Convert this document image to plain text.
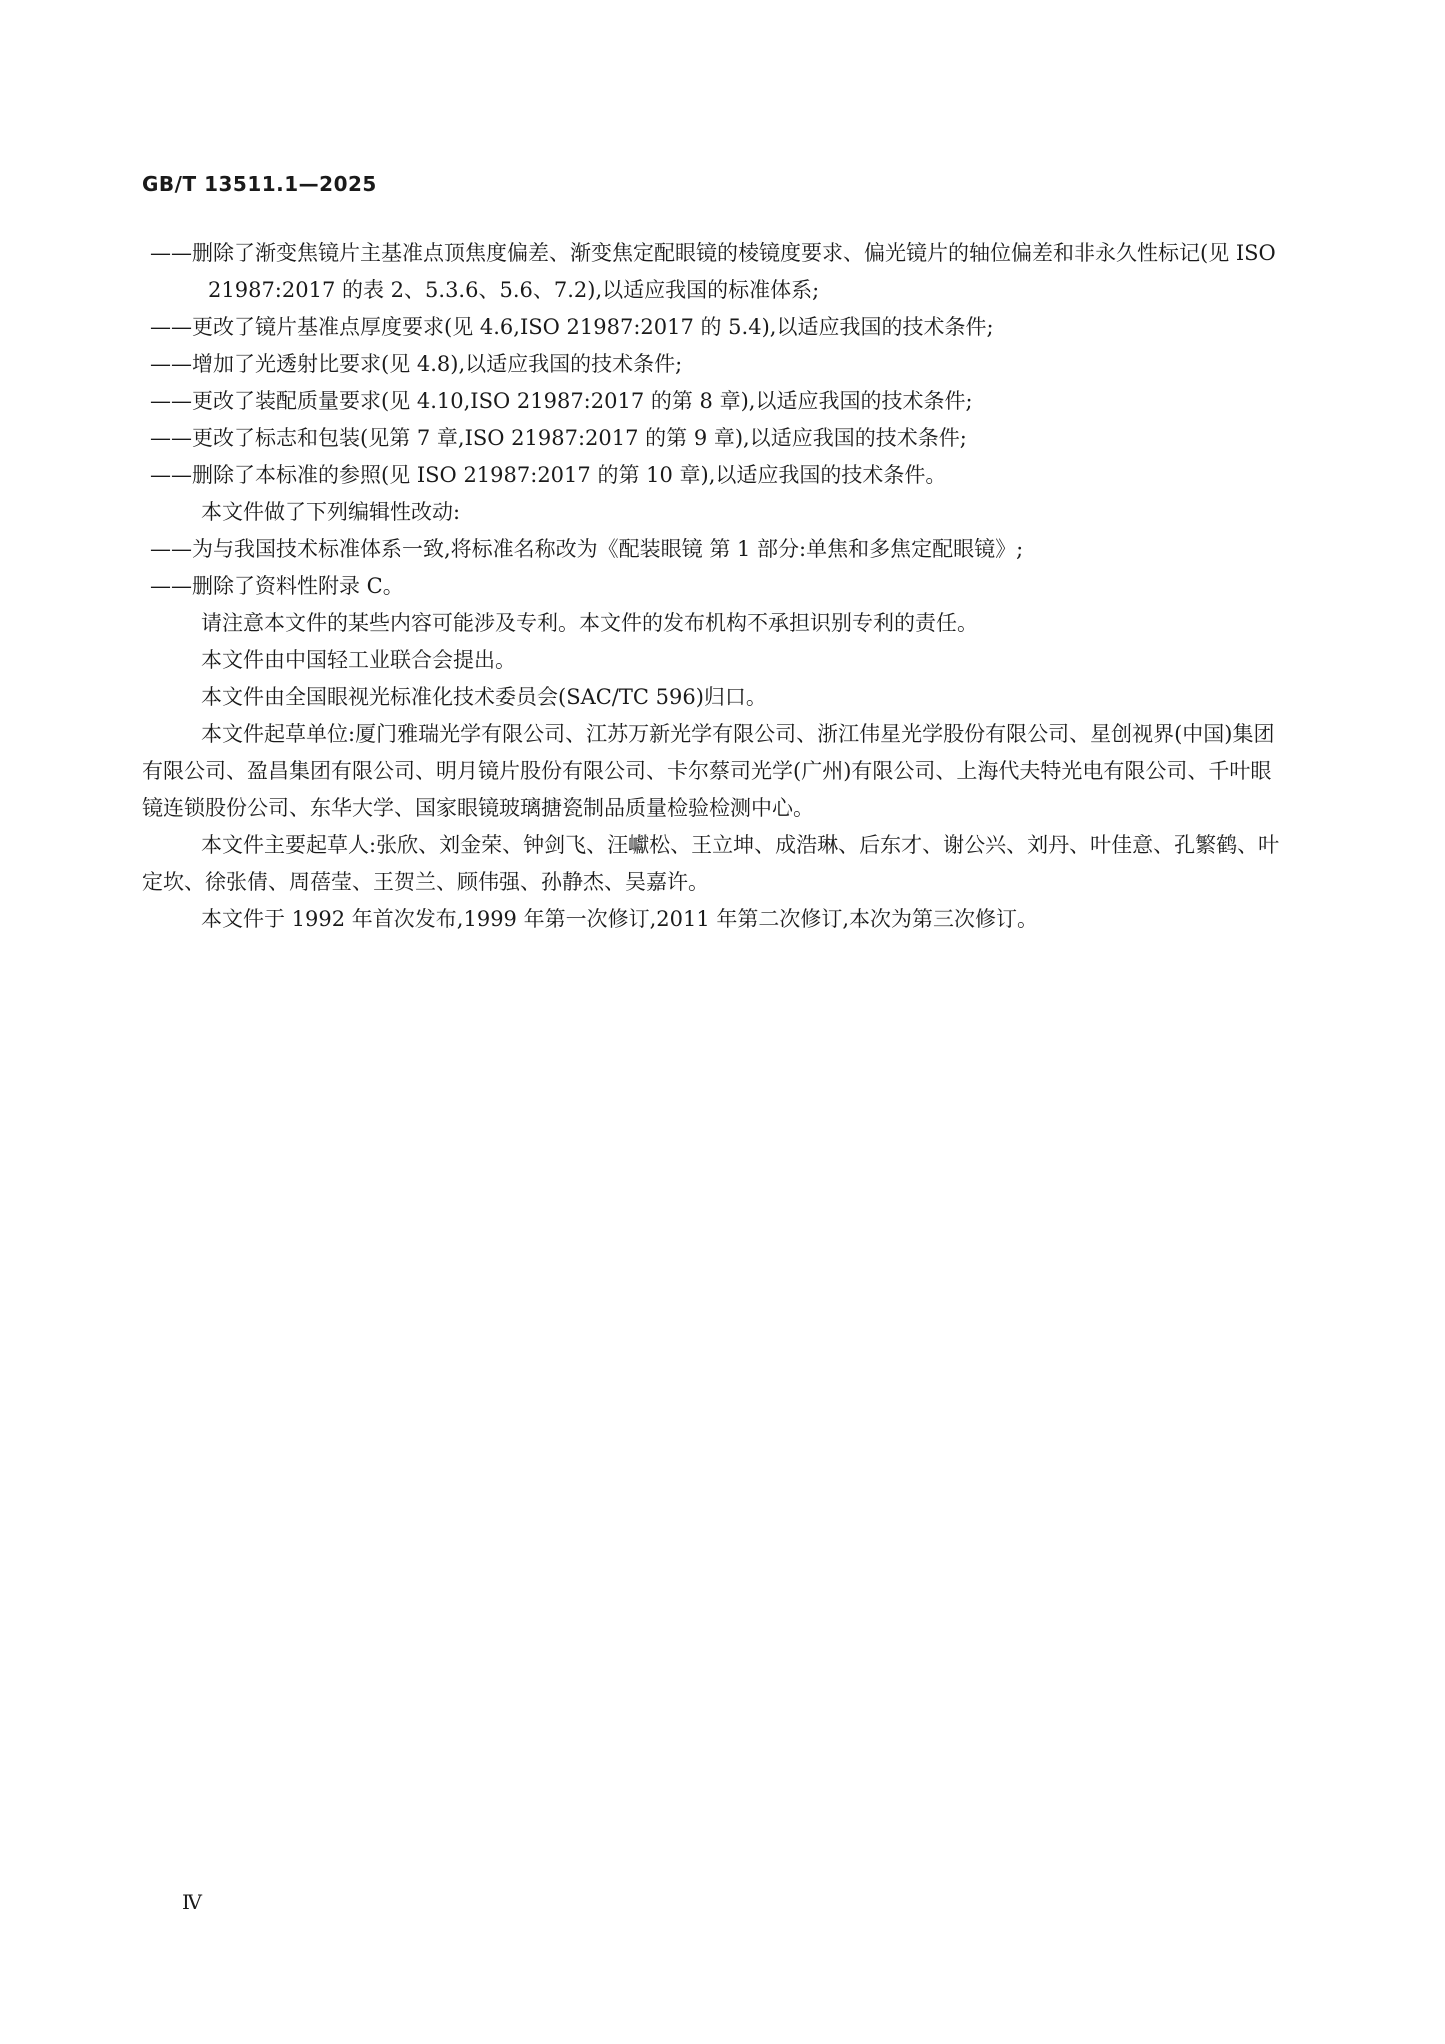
GB/T 13511.1—2025

——删除了渐变焦镜片主基准点顶焦度偏差、渐变焦定配眼镜的棱镜度要求、偏光镜片的轴位偏差和非永久性标记(见 ISO 21987:2017 的表 2、5.3.6、5.6、7.2),以适应我国的标准体系;

——更改了镜片基准点厚度要求(见 4.6,ISO 21987:2017 的 5.4),以适应我国的技术条件;

——增加了光透射比要求(见 4.8),以适应我国的技术条件;

——更改了装配质量要求(见 4.10,ISO 21987:2017 的第 8 章),以适应我国的技术条件;

——更改了标志和包装(见第 7 章,ISO 21987:2017 的第 9 章),以适应我国的技术条件;

——删除了本标准的参照(见 ISO 21987:2017 的第 10 章),以适应我国的技术条件。

本文件做了下列编辑性改动:

——为与我国技术标准体系一致,将标准名称改为《配装眼镜 第 1 部分:单焦和多焦定配眼镜》;

——删除了资料性附录 C。

请注意本文件的某些内容可能涉及专利。本文件的发布机构不承担识别专利的责任。

本文件由中国轻工业联合会提出。

本文件由全国眼视光标准化技术委员会(SAC/TC 596)归口。

本文件起草单位:厦门雅瑞光学有限公司、江苏万新光学有限公司、浙江伟星光学股份有限公司、星创视界(中国)集团有限公司、盈昌集团有限公司、明月镜片股份有限公司、卡尔蔡司光学(广州)有限公司、上海代夫特光电有限公司、千叶眼镜连锁股份公司、东华大学、国家眼镜玻璃搪瓷制品质量检验检测中心。

本文件主要起草人:张欣、刘金荣、钟剑飞、汪巘松、王立坤、成浩琳、后东才、谢公兴、刘丹、叶佳意、孔繁鹤、叶定坎、徐张倩、周蓓莹、王贺兰、顾伟强、孙静杰、吴嘉许。

本文件于 1992 年首次发布,1999 年第一次修订,2011 年第二次修订,本次为第三次修订。

Ⅳ
